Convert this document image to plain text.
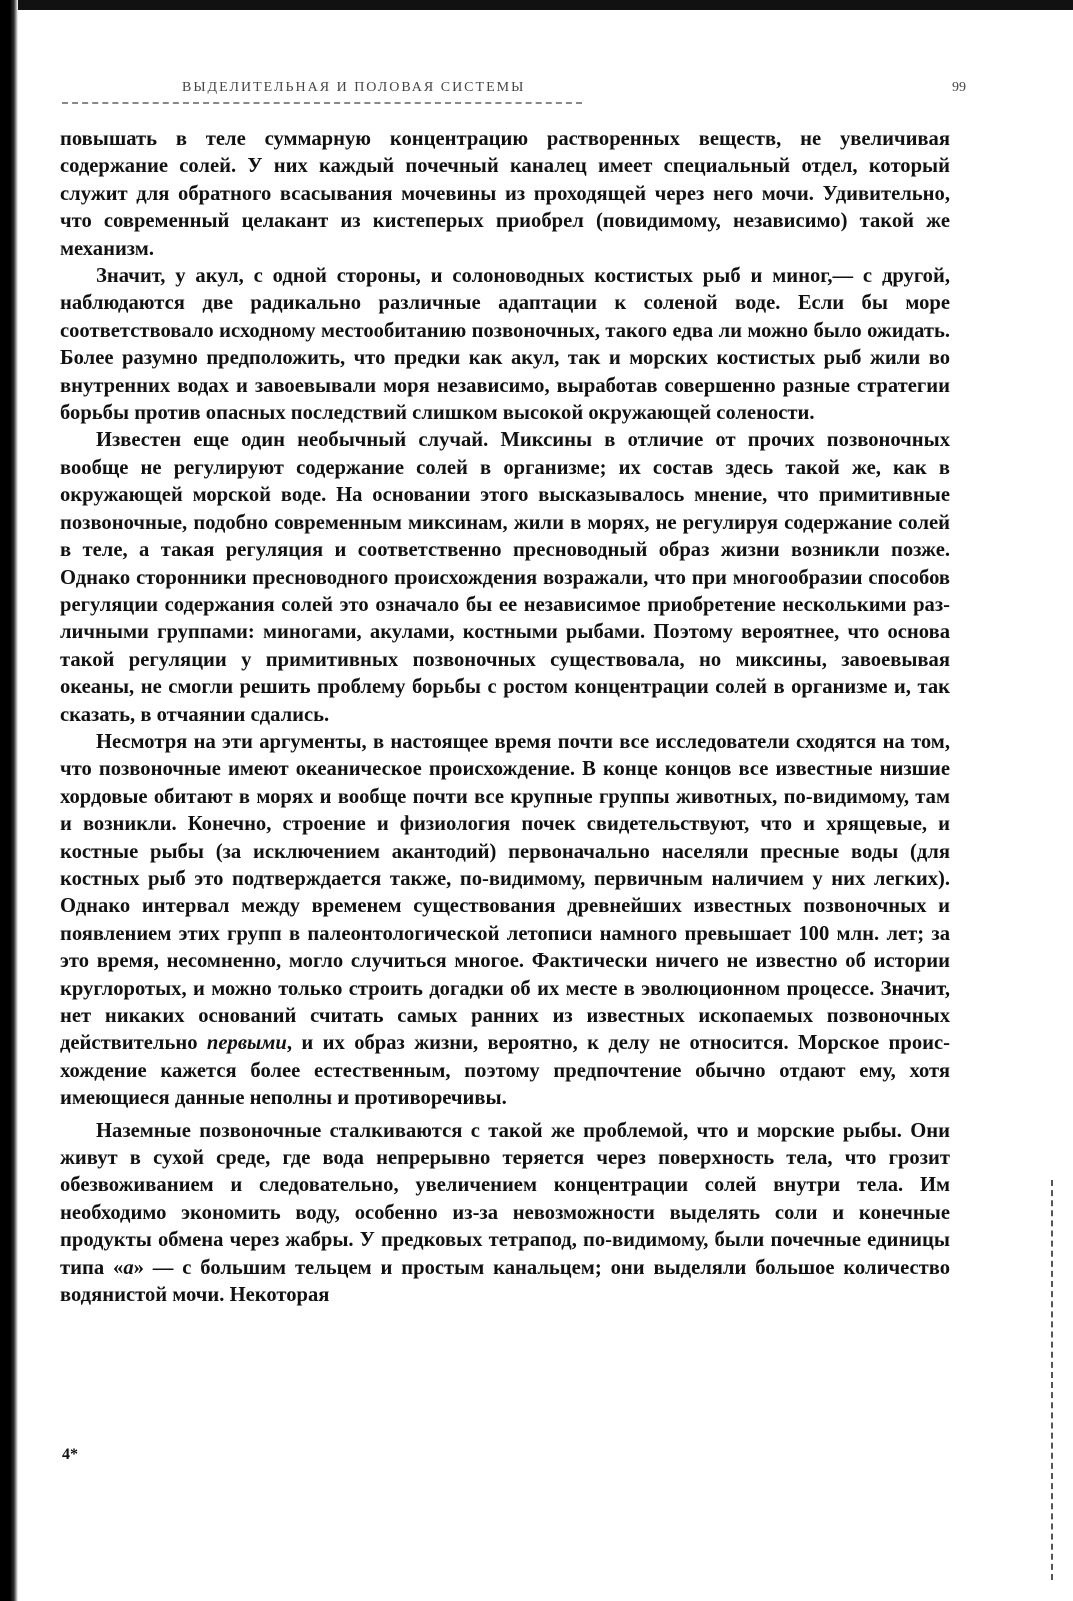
ВЫДЕЛИТЕЛЬНАЯ И ПОЛОВАЯ СИСТЕМЫ	99

повышать в теле суммарную концентрацию растворенных веществ, не увеличивая содержание солей. У них каждый почечный каналец имеет специальный отдел, который служит для обратного всасывания мочевины из проходящей через него мочи. Удивительно, что современный целакант из кистеперых приобрел (повидимому, независимо) такой же механизм.

Значит, у акул, с одной стороны, и солоноводных костистых рыб и миног,— с другой, наблюдаются две радикально различные адаптации к соленой воде. Если бы море соответствовало исходному местообитанию позвоночных, такого едва ли можно было ожидать. Более разумно предположить, что предки как акул, так и морских костистых рыб жили во внутренних водах и завоевывали моря независимо, выработав совершенно разные стратегии борьбы против опасных последствий слишком высокой окружающей солености.

Известен еще один необычный случай. Миксины в отличие от прочих позвоночных вообще не регулируют содержание солей в организме; их состав здесь такой же, как в окружающей морской воде. На основании этого высказывалось мнение, что примитивные позвоночные, подобно современным миксинам, жили в морях, не регулируя содержание солей в теле, а такая регуляция и соответственно пресноводный образ жизни возникли позже. Однако сторонники пресноводного происхождения возражали, что при многообразии способов регуляции содержания солей это означало бы ее независимое приобретение несколькими различными группами: миногами, акулами, костными рыбами. Поэтому вероятнее, что основа такой регуляции у примитивных позвоночных существовала, но миксины, завоевывая океаны, не смогли решить проблему борьбы с ростом концентрации солей в организме и, так сказать, в отчаянии сдались.

Несмотря на эти аргументы, в настоящее время почти все исследователи сходятся на том, что позвоночные имеют океаническое происхождение. В конце концов все известные низшие хордовые обитают в морях и вообще почти все крупные группы животных, по-видимому, там и возникли. Конечно, строение и физиология почек свидетельствуют, что и хрящевые, и костные рыбы (за исключением акантодий) первоначально населяли пресные воды (для костных рыб это подтверждается также, по-видимому, первичным наличием у них легких). Однако интервал между временем существования древнейших известных позвоночных и появлением этих групп в палеонтологической летописи намного превышает 100 млн. лет; за это время, несомненно, могло случиться многое. Фактически ничего не известно об истории круглоротых, и можно только строить догадки об их месте в эволюционном процессе. Значит, нет никаких оснований считать самых ранних из известных ископаемых позвоночных действительно первыми, и их образ жизни, вероятно, к делу не относится. Морское происхождение кажется более естественным, поэтому предпочтение обычно отдают ему, хотя имеющиеся данные неполны и противоречивы.

Наземные позвоночные сталкиваются с такой же проблемой, что и морские рыбы. Они живут в сухой среде, где вода непрерывно теряется через поверхность тела, что грозит обезвоживанием и следовательно, увеличением концентрации солей внутри тела. Им необходимо экономить воду, особенно из-за невозможности выделять соли и конечные продукты обмена через жабры. У предковых тетрапод, по-видимому, были почечные единицы типа «а» — с большим тельцем и простым канальцем; они выделяли большое количество водянистой мочи. Некоторая

4*
